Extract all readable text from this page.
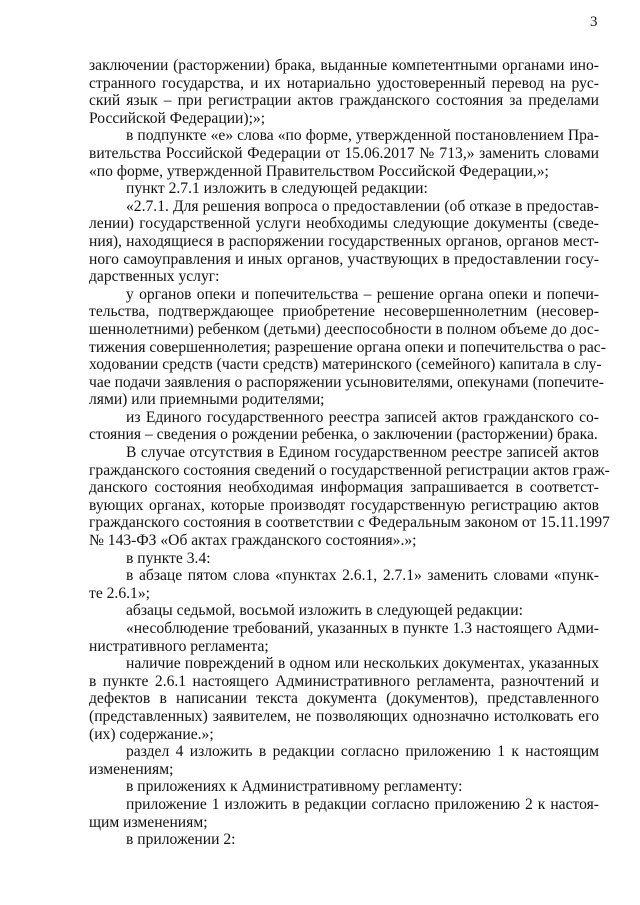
3
заключении (расторжении) брака, выданные компетентными органами ино-
странного государства, и их нотариально удостоверенный перевод на рус-
ский язык – при регистрации актов гражданского состояния за пределами
Российской Федерации);»;
в подпункте «е» слова «по форме, утвержденной постановлением Пра-
вительства Российской Федерации от 15.06.2017 № 713,» заменить словами
«по форме, утвержденной Правительством Российской Федерации,»;
пункт 2.7.1 изложить в следующей редакции:
«2.7.1. Для решения вопроса о предоставлении (об отказе в предостав-
лении) государственной услуги необходимы следующие документы (сведе-
ния), находящиеся в распоряжении государственных органов, органов мест-
ного самоуправления и иных органов, участвующих в предоставлении госу-
дарственных услуг:
у органов опеки и попечительства – решение органа опеки и попечи-
тельства, подтверждающее приобретение несовершеннолетним (несовер-
шеннолетними) ребенком (детьми) дееспособности в полном объеме до дос-
тижения совершеннолетия; разрешение органа опеки и попечительства о рас-
ходовании средств (части средств) материнского (семейного) капитала в слу-
чае подачи заявления о распоряжении усыновителями, опекунами (попечите-
лями) или приемными родителями;
из Единого государственного реестра записей актов гражданского со-
стояния – сведения о рождении ребенка, о заключении (расторжении) брака.
В случае отсутствия в Едином государственном реестре записей актов
гражданского состояния сведений о государственной регистрации актов граж-
данского состояния необходимая информация запрашивается в соответст-
вующих органах, которые производят государственную регистрацию актов
гражданского состояния в соответствии с Федеральным законом от 15.11.1997
№ 143-ФЗ «Об актах гражданского состояния».»;
в пункте 3.4:
в абзаце пятом слова «пунктах 2.6.1, 2.7.1» заменить словами «пунк-
те 2.6.1»;
абзацы седьмой, восьмой изложить в следующей редакции:
«несоблюдение требований, указанных в пункте 1.3 настоящего Адми-
нистративного регламента;
наличие повреждений в одном или нескольких документах, указанных
в пункте 2.6.1 настоящего Административного регламента, разночтений и
дефектов в написании текста документа (документов), представленного
(представленных) заявителем, не позволяющих однозначно истолковать его
(их) содержание.»;
раздел 4 изложить в редакции согласно приложению 1 к настоящим
изменениям;
в приложениях к Административному регламенту:
приложение 1 изложить в редакции согласно приложению 2 к настоя-
щим изменениям;
в приложении 2:
